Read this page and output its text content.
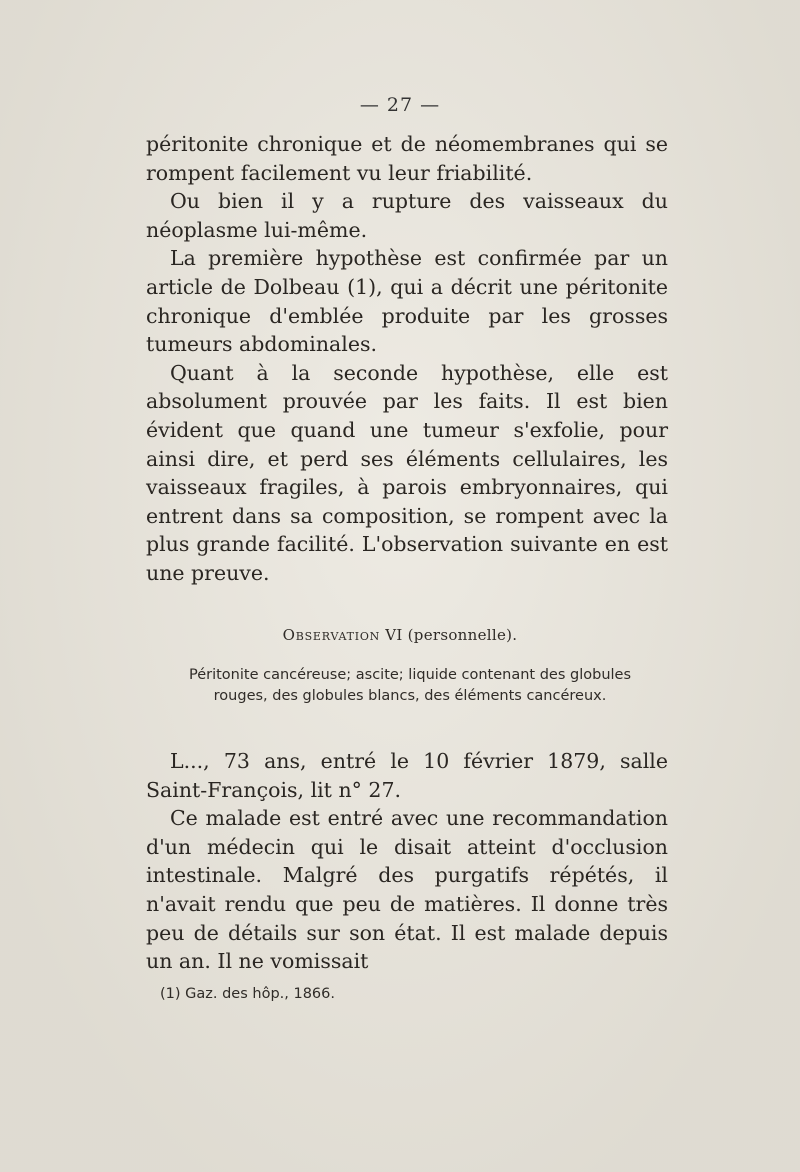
— 27 —

péritonite chronique et de néomembranes qui se rompent facilement vu leur friabilité.

Ou bien il y a rupture des vaisseaux du néoplasme lui-même.

La première hypothèse est confirmée par un article de Dolbeau (1), qui a décrit une péritonite chronique d'emblée produite par les grosses tumeurs abdominales.

Quant à la seconde hypothèse, elle est absolument prouvée par les faits. Il est bien évident que quand une tumeur s'exfolie, pour ainsi dire, et perd ses éléments cellulaires, les vaisseaux fragiles, à parois embryonnaires, qui entrent dans sa composition, se rompent avec la plus grande facilité. L'observation suivante en est une preuve.

Observation VI (personnelle).
Péritonite cancéreuse; ascite; liquide contenant des globules
rouges, des globules blancs, des éléments cancéreux.

L..., 73 ans, entré le 10 février 1879, salle Saint-François, lit n° 27.

Ce malade est entré avec une recommandation d'un médecin qui le disait atteint d'occlusion intestinale. Malgré des purgatifs répétés, il n'avait rendu que peu de matières. Il donne très peu de détails sur son état. Il est malade depuis un an. Il ne vomissait

(1) Gaz. des hôp., 1866.
